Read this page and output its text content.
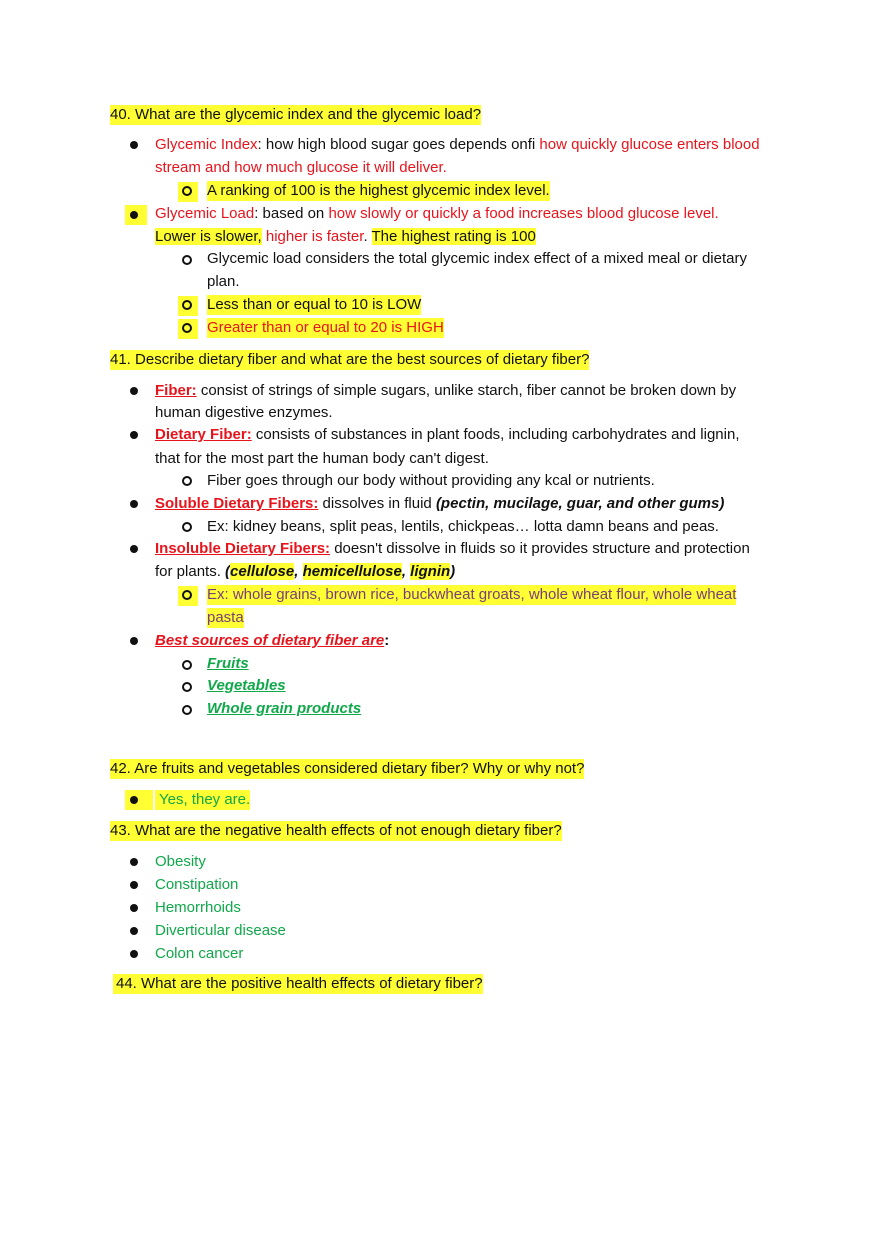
40. What are the glycemic index and the glycemic load?
Glycemic Index: how high blood sugar goes depends onﬁ how quickly glucose enters blood
stream and how much glucose it will deliver.
A ranking of 100 is the highest glycemic index level.
Glycemic Load: based on how slowly or quickly a food increases blood glucose level.
Lower is slower, higher is faster. The highest rating is 100
Glycemic load considers the total glycemic index effect of a mixed meal or dietary
plan.
Less than or equal to 10 is LOW
Greater than or equal to 20 is HIGH
41. Describe dietary fiber and what are the best sources of dietary fiber?
Fiber: consist of strings of simple sugars, unlike starch, fiber cannot be broken down by
human digestive enzymes.
Dietary Fiber: consists of substances in plant foods, including carbohydrates and lignin,
that for the most part the human body can't digest.
Fiber goes through our body without providing any kcal or nutrients.
Soluble Dietary Fibers: dissolves in fluid (pectin, mucilage, guar, and other gums)
Ex: kidney beans, split peas, lentils, chickpeas… lotta damn beans and peas.
Insoluble Dietary Fibers: doesn't dissolve in fluids so it provides structure and protection
for plants. (cellulose, hemicellulose, lignin)
Ex: whole grains, brown rice, buckwheat groats, whole wheat flour, whole wheat
pasta
Best sources of dietary fiber are:
Fruits
Vegetables
Whole grain products
42. Are fruits and vegetables considered dietary fiber? Why or why not?
Yes, they are.
43. What are the negative health effects of not enough dietary fiber?
Obesity
Constipation
Hemorrhoids
Diverticular disease
Colon cancer
44. What are the positive health effects of dietary fiber?
